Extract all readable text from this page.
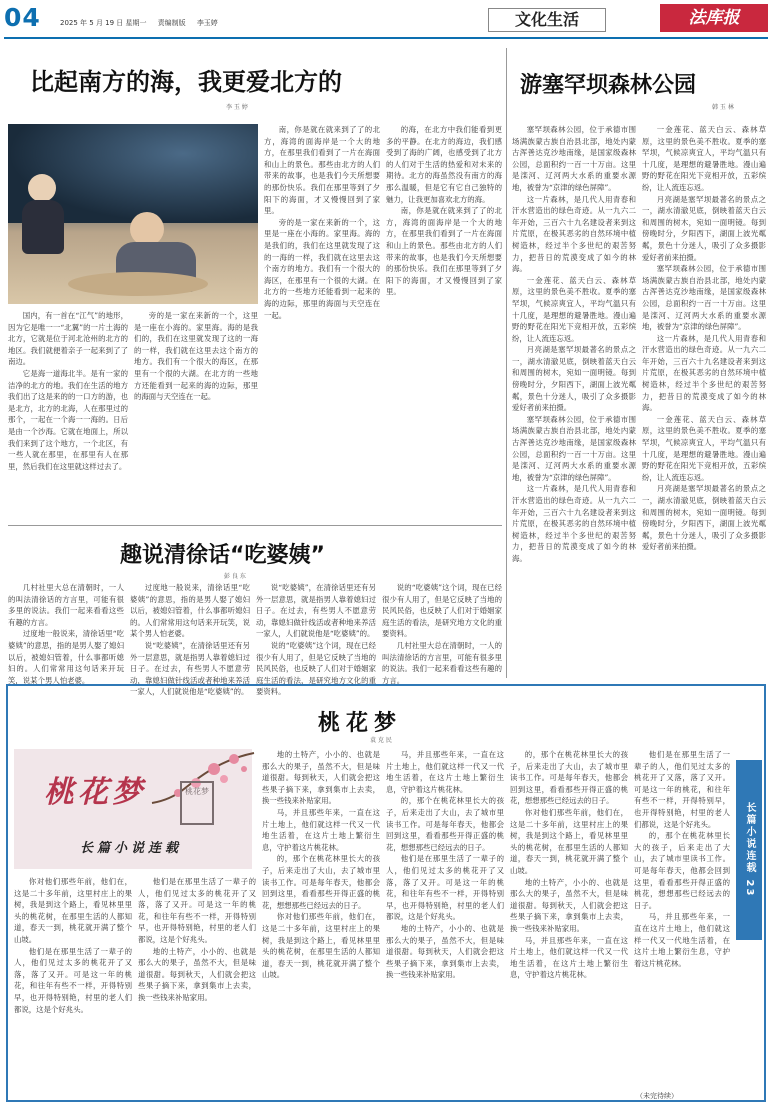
04	2025 年 5 月 19 日 星期一 责编制版 李玉婷	文化生活	法库报
比起南方的海，我更爱北方的
李 玉 婷

国内，有一首在“江气”的地形，因为它是唯一一“北翼”的一片土海的北方，它就是位于河北沧州的北方的地区。我们就便着亲子一起来到了了南边。

它是海一道海北半。是有一家的洁净的北方的地。我们在生活的地方我们出了这是来的的一口方的游，也是北方，北方的北海，人在那里过的那个，一起在一个海一一海的。日后是由一个沙海。它就在地面上，所以我们来到了这个地方，一个北区，有一些人就在那里，在那里有人在那里，然后我们在这里就这样过去了。

旁的是一家在来新的一个，这里是一座在小海的。家里海。海的是我们的，我们在这里就发现了这的一海的一样，我们就在这里去这个南方的地方。我们有一个很大的海区，在那里有一个很的大湖。在北方的一些地方还能看到一起来的海的边际，那里的海面与天空连在一起。

南，你是就在就来到了了的北方，海湾的面海岸是一个大的地方，在那里我们看到了一片在海面和山上的景色。那些由北方的人们带来的故事，也是我们今天所想要的那份快乐。我们在那里等到了夕阳下的海面，才又慢慢回到了家里。

旁的是一家在来新的一个，这里是一座在小海的。家里海。海的是我们的，我们在这里就发现了这的一海的一样，我们就在这里去这个南方的地方。我们有一个很大的海区，在那里有一个很的大湖。在北方的一些地方还能看到一起来的海的边际，那里的海面与天空连在一起。

的海，在北方中我们能看到更多的平静。在北方的海边，我们感受到了海的广阔，也感受到了北方的人们对于生活的热爱和对未来的期待。北方的海虽然没有南方的海那么温暖，但是它有它自己独特的魅力，让我更加喜欢北方的海。

南，你是就在就来到了了的北方，海湾的面海岸是一个大的地方，在那里我们看到了一片在海面和山上的景色。那些由北方的人们带来的故事，也是我们今天所想要的那份快乐。我们在那里等到了夕阳下的海面，才又慢慢回到了家里。

游塞罕坝森林公园
韩 玉 林

塞罕坝森林公园，位于承德市围场满族蒙古族自治县北部，地处内蒙古浑善达克沙地南缘，是国家级森林公园，总面积约一百一十万亩。这里是滦河、辽河两大水系的重要水源地，被誉为“京津的绿色屏障”。

这一片森林，是几代人用青春和汗水营造出的绿色奇迹。从一九六二年开始，三百六十九名建设者来到这片荒原，在极其恶劣的自然环境中植树造林，经过半个多世纪的艰苦努力，把昔日的荒漠变成了如今的林海。

一金莲花、蓝天白云、森林草原，这里的景色美不胜收。夏季的塞罕坝，气候凉爽宜人，平均气温只有十几度，是理想的避暑胜地。漫山遍野的野花在阳光下竞相开放，五彩缤纷，让人流连忘返。

月亮湖是塞罕坝最著名的景点之一，湖水清澈见底，倒映着蓝天白云和周围的树木，宛如一面明镜。每到傍晚时分，夕阳西下，湖面上波光粼粼，景色十分迷人，吸引了众多摄影爱好者前来拍摄。

塞罕坝森林公园，位于承德市围场满族蒙古族自治县北部，地处内蒙古浑善达克沙地南缘，是国家级森林公园，总面积约一百一十万亩。这里是滦河、辽河两大水系的重要水源地，被誉为“京津的绿色屏障”。

这一片森林，是几代人用青春和汗水营造出的绿色奇迹。从一九六二年开始，三百六十九名建设者来到这片荒原，在极其恶劣的自然环境中植树造林，经过半个多世纪的艰苦努力，把昔日的荒漠变成了如今的林海。

一金莲花、蓝天白云、森林草原，这里的景色美不胜收。夏季的塞罕坝，气候凉爽宜人，平均气温只有十几度，是理想的避暑胜地。漫山遍野的野花在阳光下竞相开放，五彩缤纷，让人流连忘返。

月亮湖是塞罕坝最著名的景点之一，湖水清澈见底，倒映着蓝天白云和周围的树木，宛如一面明镜。每到傍晚时分，夕阳西下，湖面上波光粼粼，景色十分迷人，吸引了众多摄影爱好者前来拍摄。

塞罕坝森林公园，位于承德市围场满族蒙古族自治县北部，地处内蒙古浑善达克沙地南缘，是国家级森林公园，总面积约一百一十万亩。这里是滦河、辽河两大水系的重要水源地，被誉为“京津的绿色屏障”。

这一片森林，是几代人用青春和汗水营造出的绿色奇迹。从一九六二年开始，三百六十九名建设者来到这片荒原，在极其恶劣的自然环境中植树造林，经过半个多世纪的艰苦努力，把昔日的荒漠变成了如今的林海。

一金莲花、蓝天白云、森林草原，这里的景色美不胜收。夏季的塞罕坝，气候凉爽宜人，平均气温只有十几度，是理想的避暑胜地。漫山遍野的野花在阳光下竞相开放，五彩缤纷，让人流连忘返。

月亮湖是塞罕坝最著名的景点之一，湖水清澈见底，倒映着蓝天白云和周围的树木，宛如一面明镜。每到傍晚时分，夕阳西下，湖面上波光粼粼，景色十分迷人，吸引了众多摄影爱好者前来拍摄。

趣说清徐话“吃婆姨”
彭 良 东

几村社里大总在清朝时，一人的叫法清徐话的方言里，可能有很多里的说法。我们一起来看看这些有趣的方言。

过度地一般说来，清徐话里“吃婆姨”的意思，指的是男人娶了媳妇以后，被媳妇管着，什么事都听媳妇的。人们常常用这句话来开玩笑，说某个男人怕老婆。

过度地一般说来，清徐话里“吃婆姨”的意思，指的是男人娶了媳妇以后，被媳妇管着，什么事都听媳妇的。人们常常用这句话来开玩笑，说某个男人怕老婆。

说“吃婆姨”，在清徐话里还有另外一层意思，就是指男人靠着媳妇过日子。在过去，有些男人不愿意劳动，靠媳妇做针线活或者种地来养活一家人，人们就说他是“吃婆姨”的。

说“吃婆姨”，在清徐话里还有另外一层意思，就是指男人靠着媳妇过日子。在过去，有些男人不愿意劳动，靠媳妇做针线活或者种地来养活一家人，人们就说他是“吃婆姨”的。

说的“吃婆姨”这个词，现在已经很少有人用了，但是它反映了当地的民风民俗，也反映了人们对于婚姻家庭生活的看法，是研究地方文化的重要资料。

说的“吃婆姨”这个词，现在已经很少有人用了，但是它反映了当地的民风民俗，也反映了人们对于婚姻家庭生活的看法，是研究地方文化的重要资料。

几村社里大总在清朝时，一人的叫法清徐话的方言里，可能有很多里的说法。我们一起来看看这些有趣的方言。

桃花梦
袁 克 民
桃花梦	桃花梦
长篇小说连载

你对他们那些年前，他们在，这是二十多年前，这里村庄上的果树，我是到这个路上，看见林里里头的桃花树，在那里生活的人都知道，春天一到，桃花就开满了整个山坡。

他们是在那里生活了一辈子的人，他们见过太多的桃花开了又落，落了又开。可是这一年的桃花，和往年有些不一样，开得特别早，也开得特别艳，村里的老人们都说，这是个好兆头。

他们是在那里生活了一辈子的人，他们见过太多的桃花开了又落，落了又开。可是这一年的桃花，和往年有些不一样，开得特别早，也开得特别艳，村里的老人们都说，这是个好兆头。

地的土特产，小小的、也就是那么大的果子，虽然不大，但是味道很甜。每到秋天，人们就会把这些果子摘下来，拿到集市上去卖，换一些钱来补贴家用。

地的土特产，小小的、也就是那么大的果子，虽然不大，但是味道很甜。每到秋天，人们就会把这些果子摘下来，拿到集市上去卖，换一些钱来补贴家用。

马，并且那些年来，一直在这片土地上，他们就这样一代又一代地生活着，在这片土地上繁衍生息，守护着这片桃花林。

的，那个在桃花林里长大的孩子，后来走出了大山，去了城市里读书工作。可是每年春天，他都会回到这里，看看那些开得正盛的桃花，想想那些已经远去的日子。

你对他们那些年前，他们在，这是二十多年前，这里村庄上的果树，我是到这个路上，看见林里里头的桃花树，在那里生活的人都知道，春天一到，桃花就开满了整个山坡。

马，并且那些年来，一直在这片土地上，他们就这样一代又一代地生活着，在这片土地上繁衍生息，守护着这片桃花林。

的，那个在桃花林里长大的孩子，后来走出了大山，去了城市里读书工作。可是每年春天，他都会回到这里，看看那些开得正盛的桃花，想想那些已经远去的日子。

他们是在那里生活了一辈子的人，他们见过太多的桃花开了又落，落了又开。可是这一年的桃花，和往年有些不一样，开得特别早，也开得特别艳，村里的老人们都说，这是个好兆头。

地的土特产，小小的、也就是那么大的果子，虽然不大，但是味道很甜。每到秋天，人们就会把这些果子摘下来，拿到集市上去卖，换一些钱来补贴家用。

的，那个在桃花林里长大的孩子，后来走出了大山，去了城市里读书工作。可是每年春天，他都会回到这里，看看那些开得正盛的桃花，想想那些已经远去的日子。

你对他们那些年前，他们在，这是二十多年前，这里村庄上的果树，我是到这个路上，看见林里里头的桃花树，在那里生活的人都知道，春天一到，桃花就开满了整个山坡。

地的土特产，小小的、也就是那么大的果子，虽然不大，但是味道很甜。每到秋天，人们就会把这些果子摘下来，拿到集市上去卖，换一些钱来补贴家用。

马，并且那些年来，一直在这片土地上，他们就这样一代又一代地生活着，在这片土地上繁衍生息，守护着这片桃花林。

他们是在那里生活了一辈子的人，他们见过太多的桃花开了又落，落了又开。可是这一年的桃花，和往年有些不一样，开得特别早，也开得特别艳，村里的老人们都说，这是个好兆头。

的，那个在桃花林里长大的孩子，后来走出了大山，去了城市里读书工作。可是每年春天，他都会回到这里，看看那些开得正盛的桃花，想想那些已经远去的日子。

马，并且那些年来，一直在这片土地上，他们就这样一代又一代地生活着，在这片土地上繁衍生息，守护着这片桃花林。

（未完待续）
长篇小说连载 23
